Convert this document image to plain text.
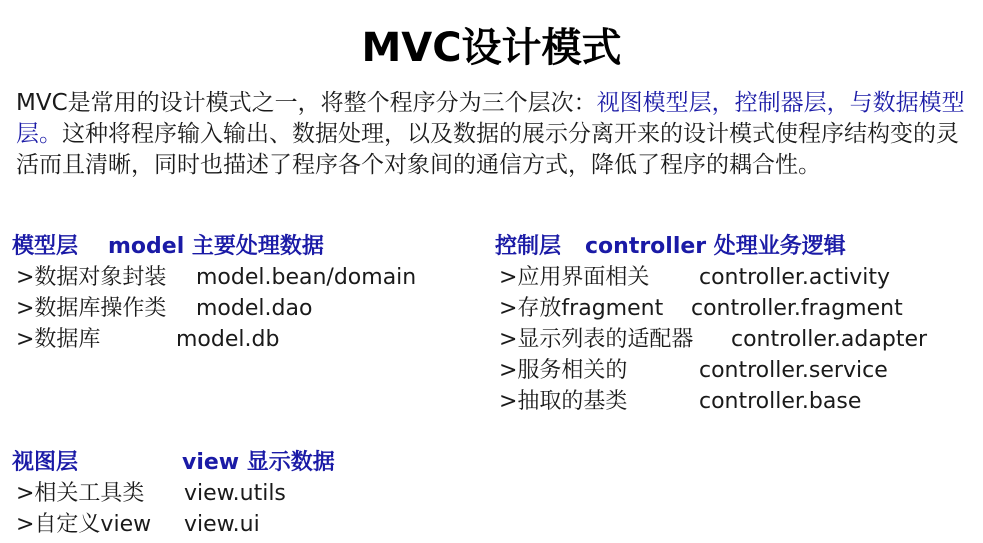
MVC设计模式
MVC是常用的设计模式之一，将整个程序分为三个层次：视图模型层，控制器层，与数据模型层。这种将程序输入输出、数据处理，以及数据的展示分离开来的设计模式使程序结构变的灵活而且清晰，同时也描述了程序各个对象间的通信方式，降低了程序的耦合性。
模型层 model 主要处理数据
>数据对象封装 model.bean/domain
>数据库操作类 model.dao
>数据库	model.db
控制层 controller 处理业务逻辑
>应用界面相关 controller.activity
>存放fragment controller.fragment
>显示列表的适配器 controller.adapter
>服务相关的	controller.service
>抽取的基类	controller.base
视图层	view 显示数据
>相关工具类 view.utils
>自定义view view.ui
